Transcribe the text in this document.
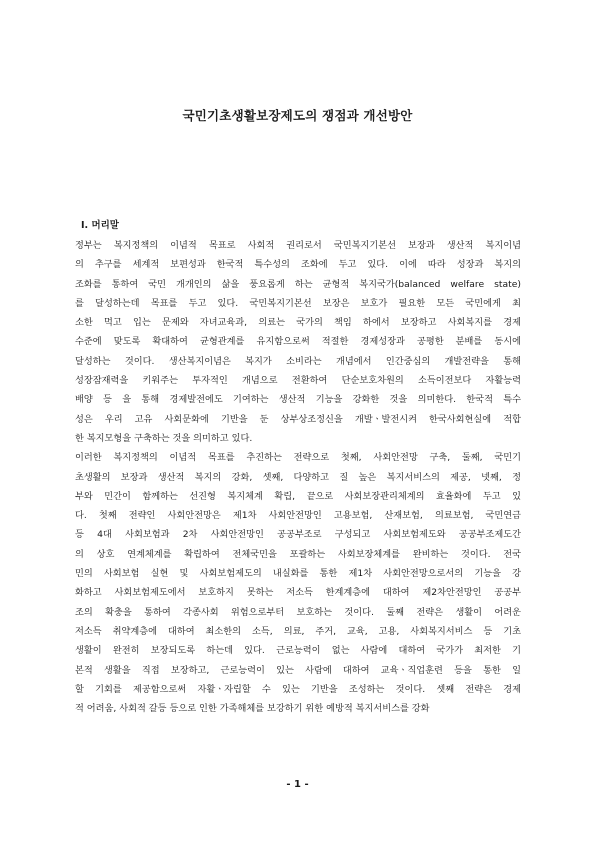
국민기초생활보장제도의 쟁점과 개선방안
Ⅰ. 머리말
정부는 복지정책의 이념적 목표로 사회적 권리로서 국민복지기본선 보장과 생산적 복지이념
의 추구를 세계적 보편성과 한국적 특수성의 조화에 두고 있다. 이에 따라 성장과 복지의
조화를 통하여 국민 개개인의 삶을 풍요롭게 하는 균형적 복지국가(balanced welfare state)
를 달성하는데 목표를 두고 있다. 국민복지기본선 보장은 보호가 필요한 모든 국민에게 최
소한 먹고 입는 문제와 자녀교육과, 의료는 국가의 책임 하에서 보장하고 사회복지를 경제
수준에 맞도록 확대하여 균형관계를 유지함으로써 적절한 경제성장과 공평한 분배를 동시에
달성하는 것이다. 생산복지이념은 복지가 소비라는 개념에서 인간중심의 개발전략을 통해
성장잠재력을 키워주는 투자적인 개념으로 전환하여 단순보호차원의 소득이전보다 자활능력
배양 등 을 통해 경제발전에도 기여하는 생산적 기능을 강화한 것을 의미한다. 한국적 특수
성은 우리 고유 사회문화에 기반을 둔 상부상조정신을 개발ㆍ발전시켜 한국사회현실에 적합
한 복지모형을 구축하는 것을 의미하고 있다.
이러한 복지정책의 이념적 목표를 추진하는 전략으로 첫째, 사회안전망 구축, 둘째, 국민기
초생활의 보장과 생산적 복지의 강화, 셋째, 다양하고 질 높은 복지서비스의 제공, 넷째, 정
부와 민간이 함께하는 선진형 복지체계 확립, 끝으로 사회보장관리체계의 효율화에 두고 있
다. 첫째 전략인 사회안전망은 제1차 사회안전망인 고용보험, 산재보험, 의료보험, 국민연금
등 4대 사회보험과 2차 사회안전망인 공공부조로 구성되고 사회보험제도와 공공부조제도간
의 상호 연계체계를 확립하여 전체국민을 포괄하는 사회보장체계를 완비하는 것이다. 전국
민의 사회보험 실현 및 사회보험제도의 내실화를 통한 제1차 사회안전망으로서의 기능을 강
화하고 사회보험제도에서 보호하지 못하는 저소득 한계계층에 대하여 제2차안전망인 공공부
조의 확충을 통하여 각종사회 위험으로부터 보호하는 것이다. 둘째 전략은 생활이 어려운
저소득 취약계층에 대하여 최소한의 소득, 의료, 주거, 교육, 고용, 사회복지서비스 등 기초
생활이 완전히 보장되도록 하는데 있다. 근로능력이 없는 사람에 대하여 국가가 최저한 기
본적 생활을 직접 보장하고, 근로능력이 있는 사람에 대하여 교육ㆍ직업훈련 등을 통한 일
할 기회를 제공함으로써 자활ㆍ자립할 수 있는 기반을 조성하는 것이다. 셋째 전략은 경제
적 어려움, 사회적 갈등 등으로 인한 가족해체를 보강하기 위한 예방적 복지서비스를 강화
- 1 -
